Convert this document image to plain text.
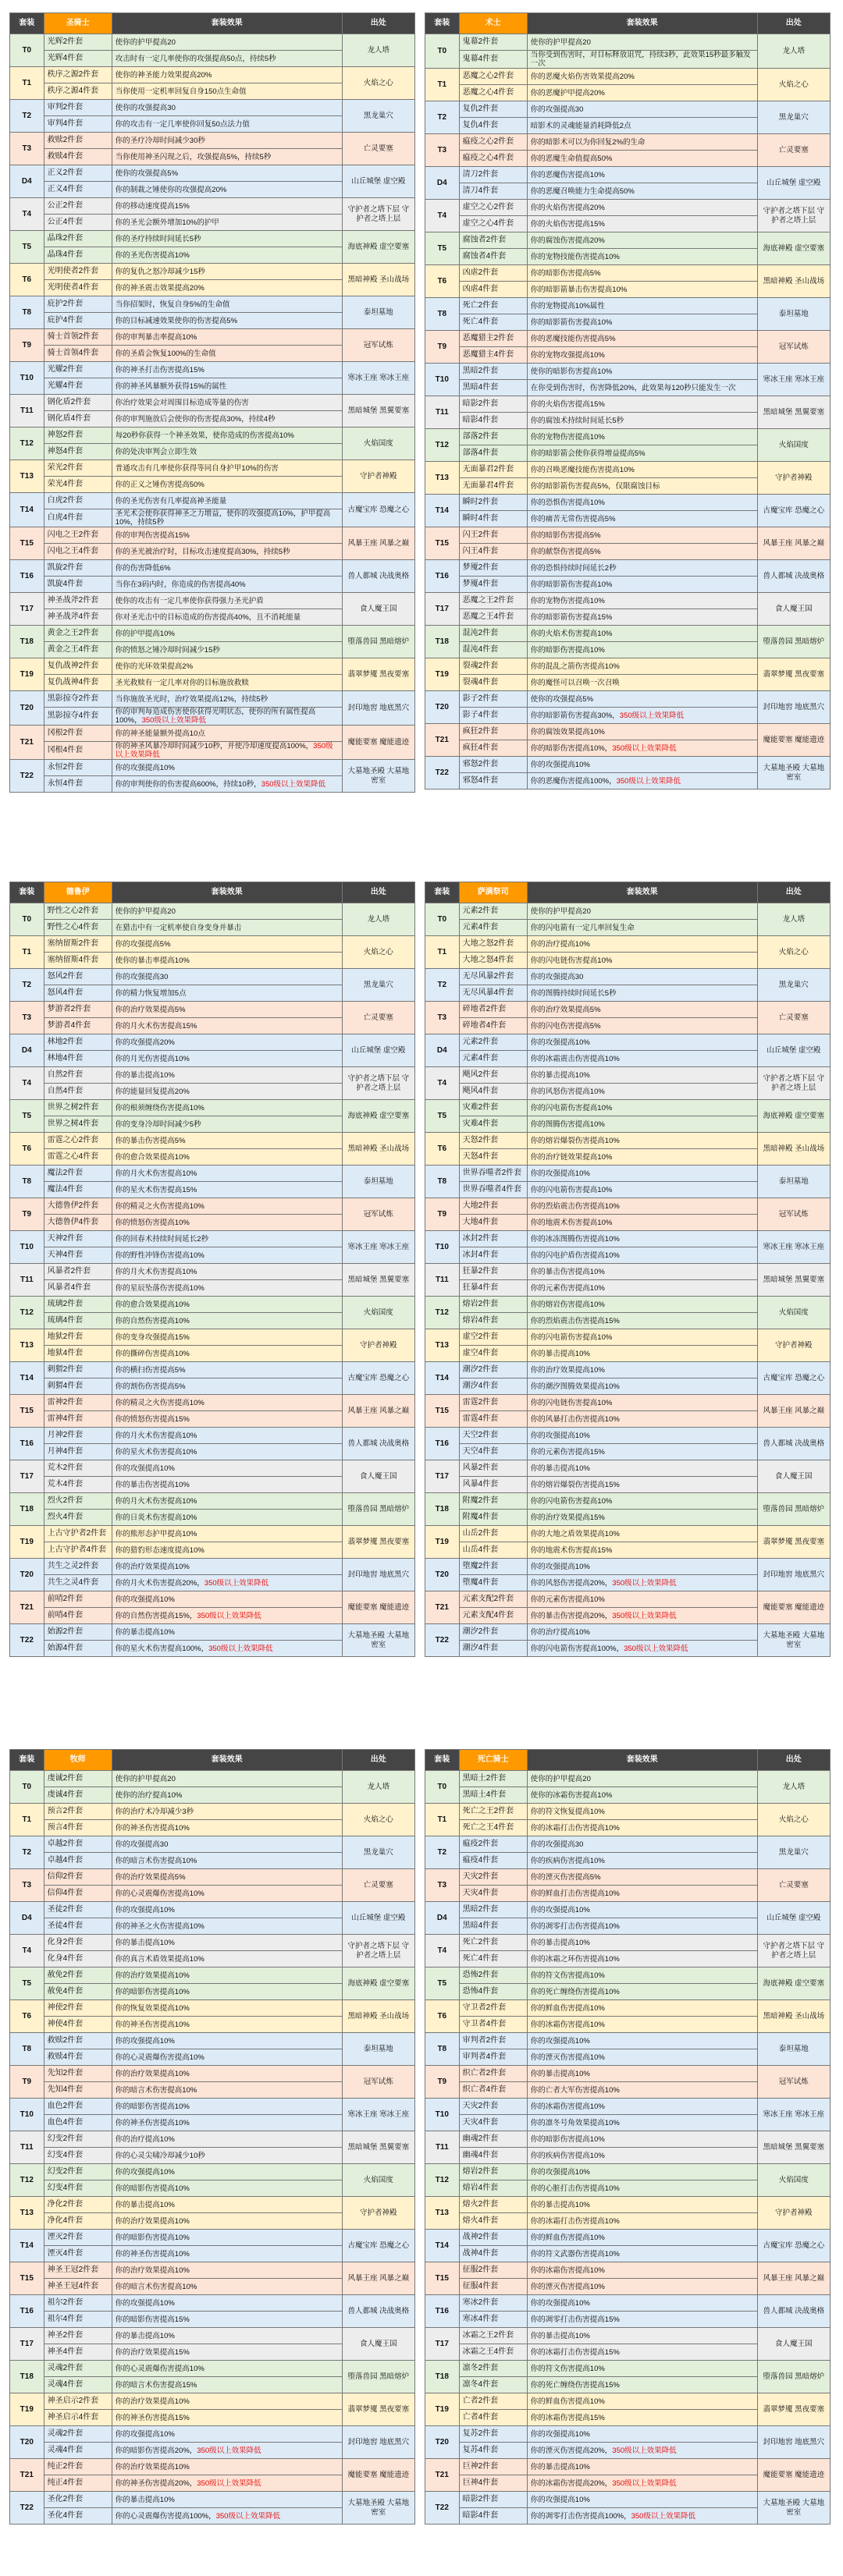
套装	圣骑士	套装效果	出处
T0	光辉2件套	使你的护甲提高20	龙人塔
	光辉4件套	攻击时有一定几率使你的攻强提高50点，持续5秒	
T1	秩序之源2件套	使你的神圣能力效果提高20%	火焰之心
	秩序之源4件套	当你使用一定机率回复自身150点生命值	
T2	审判2件套	使你的攻强提高30	黑龙巢穴
	审判4件套	你的攻击有一定几率使你回复50点法力值	
T3	救赎2件套	你的圣疗冷却时间减少30秒	亡灵要塞
	救赎4件套	当你使用神圣闪现之后，攻强提高5%，持续5秒	
D4	正义2件套	使你的攻强提高5%	山丘城堡 虚空殿
	正义4件套	你的制裁之锤使你的攻强提高20%	
T4	公正2件套	你的移动速度提高15%	守护者之塔下层 守护者之塔上层
	公正4件套	你的圣光会额外增加10%的护甲	
T5	晶珠2件套	你的圣疗持续时间延长5秒	海底神殿 虚空要塞
	晶珠4件套	你的圣光伤害提高10%	
T6	光明使者2件套	你的复仇之怒冷却减少15秒	黑暗神殿 圣山战场
	光明使者4件套	你的神圣震击效果提高20%	
T8	庇护2件套	当你招架时，恢复自身5%的生命值	泰坦墓地
	庇护4件套	你的目标减速效果使你的伤害提高5%	
T9	骑士首领2件套	你的审判暴击率提高10%	冠军试炼
	骑士首领4件套	你的圣盾会恢复100%的生命值	
T10	光耀2件套	你的神圣打击伤害提高15%	寒冰王座 寒冰王座
	光耀4件套	你的神圣风暴额外获得15%的属性	
T11	钢化盾2件套	你治疗效果会对周围目标造成等量的伤害	黑暗城堡 黑翼要塞
	钢化盾4件套	你的审判施放后会使你的伤害提高30%，持续4秒	
T12	神怒2件套	每20秒你获得一个神圣效果，使你造成的伤害提高10%	火焰国度
	神怒4件套	你的处决审判会立即生效	
T13	荣光2件套	普通攻击有几率使你获得等同自身护甲10%的伤害	守护者神殿
	荣光4件套	你的正义之锤伤害提高50%	
T14	白虎2件套	你的圣光伤害有几率提高神圣能量	古魔宝库 恐魔之心
	白虎4件套	圣光术会使你获得神圣之力增益，使你的攻强提高10%，护甲提高10%，持续5秒	
T15	闪电之王2件套	你的审判伤害提高15%	风暴王座 风暴之巅
	闪电之王4件套	你的圣光被治疗时，目标攻击速度提高30%，持续5秒	
T16	凯旋2件套	你的伤害降低6%	兽人都城 决战奥格
	凯旋4件套	当你在3码内时，你造成的伤害提高40%	
T17	神圣战斧2件套	使你的攻击有一定几率使你获得强力圣光护盾	食人魔王国
	神圣战斧4件套	你对圣光击中的目标造成的伤害提高40%，且不消耗能量	
T18	黄金之王2件套	你的护甲提高10%	堕落兽园 黑暗熔炉
	黄金之王4件套	你的愤怒之锤冷却时间减少15秒	
T19	复仇战神2件套	使你的光环效果提高2%	翡翠梦魇 黑夜要塞
	复仇战神4件套	圣光救赎有一定几率对你的目标施放救赎	
T20	黑影掠夺2件套	当你施放圣光时，治疗效果提高12%，持续5秒	封印地窖 地底黑穴
	黑影掠夺4件套	你的审判每造成伤害使你获得光明状态，使你的所有属性提高100%，350级以上效果降低	
T21	冈根2件套	你的神圣能量额外提高10点	魔能要塞 魔能遗迹
	冈根4件套	你的神圣风暴冷却时间减少10秒，并使冷却速度提高100%，350级以上效果降低	
T22	永恒2件套	你的攻强提高10%	大墓地圣殿 大墓地密室
	永恒4件套	你的审判使你的伤害提高600%，持续10秒，350级以上效果降低	
套装	术士	套装效果	出处
T0	鬼幕2件套	使你的护甲提高20	龙人塔
	鬼幕4件套	当你受到伤害时，对目标释放诅咒，持续3秒，此效果15秒最多触发一次	
T1	恶魔之心2件套	你的恶魔火焰伤害效果提高20%	火焰之心
	恶魔之心4件套	你的恶魔护甲提高20%	
T2	复仇2件套	你的攻强提高30	黑龙巢穴
	复仇4件套	暗影术的灵魂能量消耗降低2点	
T3	瘟疫之心2件套	你的暗影术可以为你回复2%的生命	亡灵要塞
	瘟疫之心4件套	你的恶魔生命值提高50%	
D4	清刀2件套	你的恶魔伤害提高10%	山丘城堡 虚空殿
	清刀4件套	你的恶魔召唤能力生命提高50%	
T4	虚空之心2件套	你的火焰伤害提高20%	守护者之塔下层 守护者之塔上层
	虚空之心4件套	你的火焰伤害提高15%	
T5	腐蚀者2件套	你的腐蚀伤害提高20%	海底神殿 虚空要塞
	腐蚀者4件套	你的宠物技能伤害提高10%	
T6	凶虐2件套	你的暗影伤害提高5%	黑暗神殿 圣山战场
	凶虐4件套	你的暗影箭暴击伤害提高10%	
T8	死亡2件套	你的宠物提高10%属性	泰坦墓地
	死亡4件套	你的暗影箭伤害提高10%	
T9	恶魔猎主2件套	你的恶魔技能伤害提高5%	冠军试炼
	恶魔猎主4件套	你的宠物攻强提高10%	
T10	黑暗2件套	使你的暗影伤害提高10%	寒冰王座 寒冰王座
	黑暗4件套	在你受到伤害时，伤害降低20%，此效果每120秒只能发生一次	
T11	暗影2件套	你的火焰伤害提高15%	黑暗城堡 黑翼要塞
	暗影4件套	你的腐蚀术持续时间延长5秒	
T12	部落2件套	你的宠物伤害提高10%	火焰国度
	部落4件套	你的暗影箭会使你获得增益提高5%	
T13	无面暴君2件套	你的召唤恶魔技能伤害提高10%	守护者神殿
	无面暴君4件套	你的暗影箭伤害提高5%，仅限腐蚀目标	
T14	瞬时2件套	你的恐惧伤害提高10%	古魔宝库 恐魔之心
	瞬时4件套	你的痛苦无常伤害提高5%	
T15	闪王2件套	你的暗影伤害提高5%	风暴王座 风暴之巅
	闪王4件套	你的献祭伤害提高5%	
T16	梦魇2件套	你的恐惧持续时间延长2秒	兽人都城 决战奥格
	梦魇4件套	你的暗影箭伤害提高10%	
T17	恶魔之王2件套	你的宠物伤害提高10%	食人魔王国
	恶魔之王4件套	你的暗影箭伤害提高15%	
T18	混沌2件套	你的火焰术伤害提高10%	堕落兽园 黑暗熔炉
	混沌4件套	你的暗影伤害提高10%	
T19	裂魂2件套	你的混乱之箭伤害提高10%	翡翠梦魇 黑夜要塞
	裂魂4件套	你的魔怪可以召唤一次召唤	
T20	影子2件套	使你的攻强提高5%	封印地窖 地底黑穴
	影子4件套	你的暗影箭伤害提高30%，350级以上效果降低	
T21	疯狂2件套	你的腐蚀效果提高10%	魔能要塞 魔能遗迹
	疯狂4件套	你的暗影伤害提高10%，350级以上效果降低	
T22	邪怒2件套	你的攻强提高10%	大墓地圣殿 大墓地密室
	邪怒4件套	你的恶魔伤害提高100%，350级以上效果降低	
套装	德鲁伊	套装效果	出处
T0	野性之心2件套	使你的护甲提高20	龙人塔
	野性之心4件套	在猎击中有一定机率使自身变身并暴击	
T1	塞纳留斯2件套	你的攻强提高5%	火焰之心
	塞纳留斯4件套	使你的暴击率提高10%	
T2	怒风2件套	你的攻强提高30	黑龙巢穴
	怒风4件套	你的精力恢复增加5点	
T3	梦游者2件套	你的治疗效果提高5%	亡灵要塞
	梦游者4件套	你的月火术伤害提高15%	
D4	林地2件套	你的攻强提高20%	山丘城堡 虚空殿
	林地4件套	你的月光伤害提高10%	
T4	自然2件套	你的暴击提高10%	守护者之塔下层 守护者之塔上层
	自然4件套	你的能量回复提高20%	
T5	世界之树2件套	你的根须缠绕伤害提高10%	海底神殿 虚空要塞
	世界之树4件套	你的变身冷却时间减少5秒	
T6	雷霆之心2件套	你的暴击伤害提高5%	黑暗神殿 圣山战场
	雷霆之心4件套	你的愈合效果提高10%	
T8	魔法2件套	你的月火术伤害提高10%	泰坦墓地
	魔法4件套	你的星火术伤害提高15%	
T9	大德鲁伊2件套	你的精灵之火伤害提高10%	冠军试炼
	大德鲁伊4件套	你的愤怒伤害提高10%	
T10	天神2件套	你的回春术持续时间延长2秒	寒冰王座 寒冰王座
	天神4件套	你的野性冲锋伤害提高10%	
T11	风暴者2件套	你的月火术伤害提高10%	黑暗城堡 黑翼要塞
	风暴者4件套	你的星辰坠落伤害提高10%	
T12	琉璃2件套	你的愈合效果提高10%	火焰国度
	琉璃4件套	你的自然伤害提高10%	
T13	地狱2件套	你的变身攻强提高15%	守护者神殿
	地狱4件套	你的撕碎伤害提高10%	
T14	刺猬2件套	你的横扫伤害提高5%	古魔宝库 恐魔之心
	刺猬4件套	你的割伤伤害提高5%	
T15	雷神2件套	你的精灵之火伤害提高10%	风暴王座 风暴之巅
	雷神4件套	你的愤怒伤害提高15%	
T16	月神2件套	你的月火术伤害提高10%	兽人都城 决战奥格
	月神4件套	你的星火术伤害提高10%	
T17	荒木2件套	你的攻强提高10%	食人魔王国
	荒木4件套	你的暴击伤害提高10%	
T18	烈火2件套	你的月火术伤害提高10%	堕落兽园 黑暗熔炉
	烈火4件套	你的日炎术伤害提高10%	
T19	上古守护者2件套	你的熊形态护甲提高10%	翡翠梦魇 黑夜要塞
	上古守护者4件套	你的猎豹形态速度提高10%	
T20	共生之灵2件套	你的治疗效果提高10%	封印地窖 地底黑穴
	共生之灵4件套	你的月火术伤害提高20%，350级以上效果降低	
T21	前哨2件套	你的攻强提高10%	魔能要塞 魔能遗迹
	前哨4件套	你的自然伤害提高15%，350级以上效果降低	
T22	始源2件套	你的暴击提高10%	大墓地圣殿 大墓地密室
	始源4件套	你的星火术伤害提高100%，350级以上效果降低	
套装	萨满祭司	套装效果	出处
T0	元素2件套	使你的护甲提高20	龙人塔
	元素4件套	你的闪电箭有一定几率回复生命	
T1	大地之怒2件套	你的治疗提高10%	火焰之心
	大地之怒4件套	你的闪电链伤害提高10%	
T2	无尽风暴2件套	你的攻强提高30	黑龙巢穴
	无尽风暴4件套	你的图腾持续时间延长5秒	
T3	碎地者2件套	你的治疗效果提高5%	亡灵要塞
	碎地者4件套	你的闪电伤害提高5%	
D4	元素2件套	你的攻强提高10%	山丘城堡 虚空殿
	元素4件套	你的冰霜震击伤害提高10%	
T4	飓风2件套	你的暴击提高10%	守护者之塔下层 守护者之塔上层
	飓风4件套	你的风怒伤害提高10%	
T5	灾难2件套	你的闪电箭伤害提高10%	海底神殿 虚空要塞
	灾难4件套	你的图腾伤害提高10%	
T6	天怒2件套	你的熔岩爆裂伤害提高10%	黑暗神殿 圣山战场
	天怒4件套	你的治疗链效果提高10%	
T8	世界吞噬者2件套	你的攻强提高10%	泰坦墓地
	世界吞噬者4件套	你的闪电箭伤害提高10%	
T9	大地2件套	你的烈焰震击伤害提高10%	冠军试炼
	大地4件套	你的地震术伤害提高10%	
T10	冰封2件套	你的冰冻图腾伤害提高10%	寒冰王座 寒冰王座
	冰封4件套	你的闪电护盾伤害提高10%	
T11	狂暴2件套	你的暴击伤害提高10%	黑暗城堡 黑翼要塞
	狂暴4件套	你的元素伤害提高10%	
T12	熔岩2件套	你的熔岩伤害提高10%	火焰国度
	熔岩4件套	你的烈焰震击伤害提高15%	
T13	虚空2件套	你的闪电箭伤害提高10%	守护者神殿
	虚空4件套	你的暴击提高10%	
T14	潮汐2件套	你的治疗效果提高10%	古魔宝库 恐魔之心
	潮汐4件套	你的潮汐图腾效果提高10%	
T15	雷霆2件套	你的闪电链伤害提高10%	风暴王座 风暴之巅
	雷霆4件套	你的风暴打击伤害提高10%	
T16	天空2件套	你的攻强提高10%	兽人都城 决战奥格
	天空4件套	你的元素伤害提高15%	
T17	风暴2件套	你的暴击提高10%	食人魔王国
	风暴4件套	你的熔岩爆裂伤害提高15%	
T18	附魔2件套	你的闪电箭伤害提高10%	堕落兽园 黑暗熔炉
	附魔4件套	你的治疗效果提高15%	
T19	山岳2件套	你的大地之盾效果提高10%	翡翠梦魇 黑夜要塞
	山岳4件套	你的地震术伤害提高15%	
T20	堕魔2件套	你的攻强提高10%	封印地窖 地底黑穴
	堕魔4件套	你的风怒伤害提高20%，350级以上效果降低	
T21	元素支配2件套	你的元素伤害提高10%	魔能要塞 魔能遗迹
	元素支配4件套	你的暴击伤害提高20%，350级以上效果降低	
T22	潮汐2件套	你的治疗提高10%	大墓地圣殿 大墓地密室
	潮汐4件套	你的闪电箭伤害提高100%，350级以上效果降低	
套装	牧师	套装效果	出处
T0	虔诚2件套	使你的护甲提高20	龙人塔
	虔诚4件套	使你的治疗提高10%	
T1	预言2件套	你的治疗术冷却减少3秒	火焰之心
	预言4件套	你的神圣伤害提高10%	
T2	卓越2件套	你的攻强提高30	黑龙巢穴
	卓越4件套	你的暗言术伤害提高10%	
T3	信仰2件套	你的治疗效果提高5%	亡灵要塞
	信仰4件套	你的心灵震爆伤害提高10%	
D4	圣徒2件套	你的攻强提高10%	山丘城堡 虚空殿
	圣徒4件套	你的神圣之火伤害提高10%	
T4	化身2件套	你的暴击提高10%	守护者之塔下层 守护者之塔上层
	化身4件套	你的真言术盾效果提高10%	
T5	赦免2件套	你的治疗效果提高10%	海底神殿 虚空要塞
	赦免4件套	你的暗影伤害提高10%	
T6	神使2件套	你的恢复效果提高10%	黑暗神殿 圣山战场
	神使4件套	你的神圣伤害提高10%	
T8	救赎2件套	你的攻强提高10%	泰坦墓地
	救赎4件套	你的心灵震爆伤害提高10%	
T9	先知2件套	你的治疗效果提高10%	冠军试炼
	先知4件套	你的暗言术伤害提高10%	
T10	血色2件套	你的暗影伤害提高10%	寒冰王座 寒冰王座
	血色4件套	你的神圣伤害提高10%	
T11	幻变2件套	你的治疗提高10%	黑暗城堡 黑翼要塞
	幻变4件套	你的心灵尖啸冷却减少10秒	
T12	幻变2件套	你的攻强提高10%	火焰国度
	幻变4件套	你的暗影伤害提高10%	
T13	净化2件套	你的暴击提高10%	守护者神殿
	净化4件套	你的治疗效果提高10%	
T14	湮灭2件套	你的暗影伤害提高10%	古魔宝库 恐魔之心
	湮灭4件套	你的神圣伤害提高10%	
T15	神圣王冠2件套	你的治疗效果提高10%	风暴王座 风暴之巅
	神圣王冠4件套	你的暗言术伤害提高10%	
T16	祖尔2件套	你的攻强提高10%	兽人都城 决战奥格
	祖尔4件套	你的暗影伤害提高15%	
T17	神圣2件套	你的暴击提高10%	食人魔王国
	神圣4件套	你的治疗效果提高15%	
T18	灵魂2件套	你的心灵震爆伤害提高10%	堕落兽园 黑暗熔炉
	灵魂4件套	你的暗言术伤害提高15%	
T19	神圣启示2件套	你的治疗效果提高10%	翡翠梦魇 黑夜要塞
	神圣启示4件套	你的神圣伤害提高15%	
T20	灵魂2件套	你的攻强提高10%	封印地窖 地底黑穴
	灵魂4件套	你的暗影伤害提高20%，350级以上效果降低	
T21	纯正2件套	你的治疗效果提高10%	魔能要塞 魔能遗迹
	纯正4件套	你的神圣伤害提高20%，350级以上效果降低	
T22	圣化2件套	你的暴击提高10%	大墓地圣殿 大墓地密室
	圣化4件套	你的心灵震爆伤害提高100%，350级以上效果降低	
套装	死亡骑士	套装效果	出处
T0	黑暗土2件套	使你的护甲提高20	龙人塔
	黑暗土4件套	使你的冰霜伤害提高10%	
T1	死亡之王2件套	你的符文恢复提高10%	火焰之心
	死亡之王4件套	你的冰霜打击伤害提高10%	
T2	瘟疫2件套	你的攻强提高30	黑龙巢穴
	瘟疫4件套	你的疾病伤害提高10%	
T3	天灾2件套	你的湮灭伤害提高5%	亡灵要塞
	天灾4件套	你的鲜血打击伤害提高10%	
D4	黑暗2件套	你的攻强提高10%	山丘城堡 虚空殿
	黑暗4件套	你的凋零打击伤害提高10%	
T4	死亡2件套	你的暴击提高10%	守护者之塔下层 守护者之塔上层
	死亡4件套	你的冰霜之环伤害提高10%	
T5	恐怖2件套	你的符文伤害提高10%	海底神殿 虚空要塞
	恐怖4件套	你的死亡缠绕伤害提高10%	
T6	守卫者2件套	你的鲜血伤害提高10%	黑暗神殿 圣山战场
	守卫者4件套	你的冰霜伤害提高10%	
T8	审判者2件套	你的攻强提高10%	泰坦墓地
	审判者4件套	你的湮灭伤害提高10%	
T9	织亡者2件套	你的暴击提高10%	冠军试炼
	织亡者4件套	你的亡者大军伤害提高10%	
T10	天灾2件套	你的冰霜伤害提高10%	寒冰王座 寒冰王座
	天灾4件套	你的凛冬号角效果提高10%	
T11	幽魂2件套	你的暗影伤害提高10%	黑暗城堡 黑翼要塞
	幽魂4件套	你的疾病伤害提高10%	
T12	熔岩2件套	你的攻强提高10%	火焰国度
	熔岩4件套	你的心脏打击伤害提高10%	
T13	熔火2件套	你的暴击提高10%	守护者神殿
	熔火4件套	你的冰霜打击伤害提高10%	
T14	战神2件套	你的鲜血伤害提高10%	古魔宝库 恐魔之心
	战神4件套	你的符文武器伤害提高10%	
T15	征服2件套	你的冰霜伤害提高10%	风暴王座 风暴之巅
	征服4件套	你的湮灭伤害提高10%	
T16	寒冰2件套	你的攻强提高10%	兽人都城 决战奥格
	寒冰4件套	你的凋零打击伤害提高15%	
T17	冰霜之王2件套	你的暴击提高10%	食人魔王国
	冰霜之王4件套	你的冰霜打击伤害提高15%	
T18	凛冬2件套	你的符文伤害提高10%	堕落兽园 黑暗熔炉
	凛冬4件套	你的死亡缠绕伤害提高15%	
T19	亡者2件套	你的鲜血伤害提高10%	翡翠梦魇 黑夜要塞
	亡者4件套	你的冰霜伤害提高15%	
T20	复苏2件套	你的攻强提高10%	封印地窖 地底黑穴
	复苏4件套	你的湮灭伤害提高20%，350级以上效果降低	
T21	巨神2件套	你的暴击提高10%	魔能要塞 魔能遗迹
	巨神4件套	你的冰霜伤害提高20%，350级以上效果降低	
T22	暗影2件套	你的攻强提高10%	大墓地圣殿 大墓地密室
	暗影4件套	你的凋零打击伤害提高100%，350级以上效果降低	
